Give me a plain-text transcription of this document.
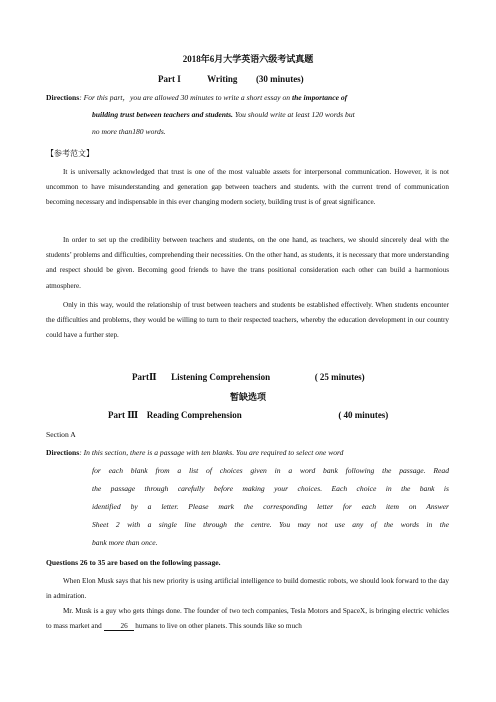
2018年6月大学英语六级考试真题
Part I	Writing (30 minutes)
Directions: For this part，you are allowed 30 minutes to write a short essay on the importance of
building trust between teachers and students. You should write at least 120 words but
no more than180 words.
【参考范文】
It is universally acknowledged that trust is one of the most valuable assets for interpersonal communication. However, it is not uncommon to have misunderstanding and generation gap between teachers and students. with the current trend of communication becoming necessary and indispensable in this ever changing modern society, building trust is of great significance.
In order to set up the credibility between teachers and students, on the one hand, as teachers, we should sincerely deal with the students’ problems and difficulties, comprehending their necessities. On the other hand, as students, it is necessary that more understanding and respect should be given. Becoming good friends to have the trans positional consideration each other can build a harmonious atmosphere.
Only in this way, would the relationship of trust between teachers and students be established effectively. When students encounter the difficulties and problems, they would be willing to turn to their respected teachers, whereby the education development in our country could have a further step.
PartⅡ Listening Comprehension	( 25 minutes)
暂缺选项
Part Ⅲ Reading Comprehension	( 40 minutes)
Section A
Directions: In this section, there is a passage with ten blanks. You are required to select one word
for each blank from a list of choices given in a word bank following the passage. Read
the passage through carefully before making your choices. Each choice in the bank is
identified by a letter. Please mark the corresponding letter for each item on Answer
Sheet 2 with a single line through the centre. You may not use any of the words in the
bank more than once.
Questions 26 to 35 are based on the following passage.
When Elon Musk says that his new priority is using artificial intelligence to build domestic robots, we should look forward to the day in admiration.
Mr. Musk is a guy who gets things done. The founder of two tech companies, Tesla Motors and SpaceX, is bringing electric vehicles to mass market and 26 humans to live on other planets. This sounds like so much
